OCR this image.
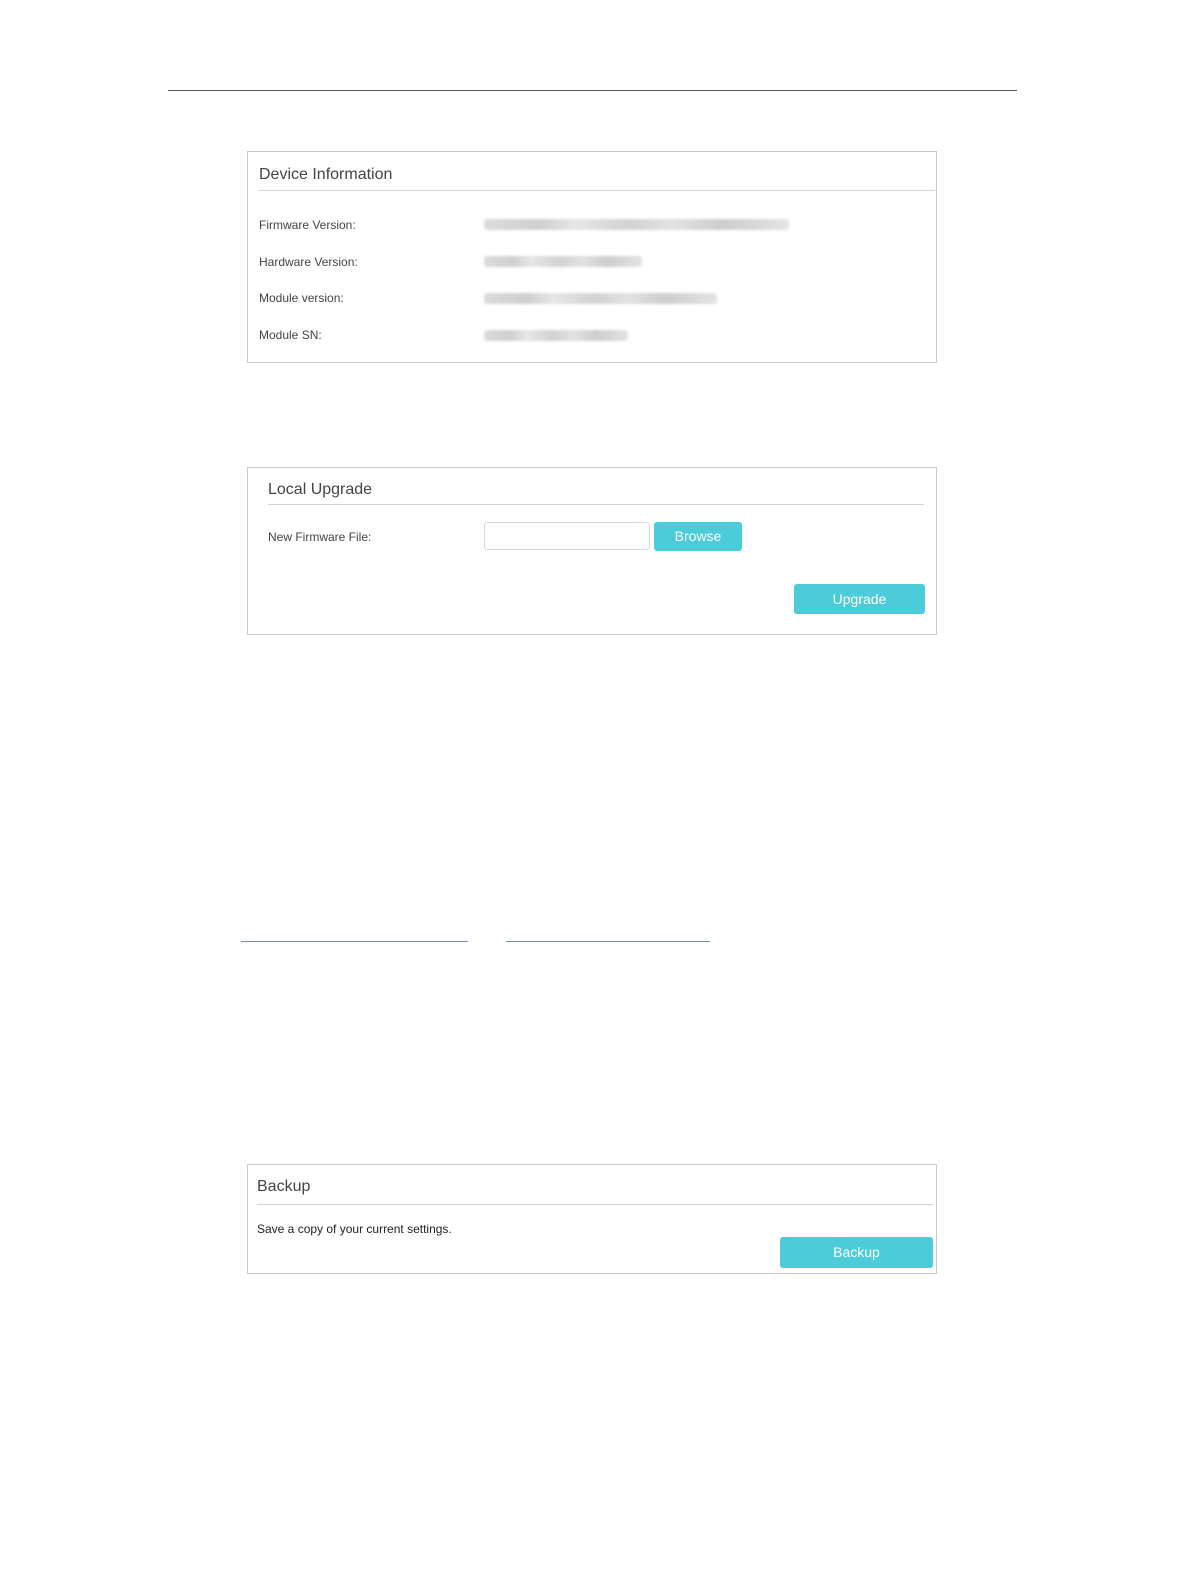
Device Information
Firmware Version:
Hardware Version:
Module version:
Module SN:
Local Upgrade
New Firmware File:	Browse
Upgrade
Backup
Save a copy of your current settings.
Backup
